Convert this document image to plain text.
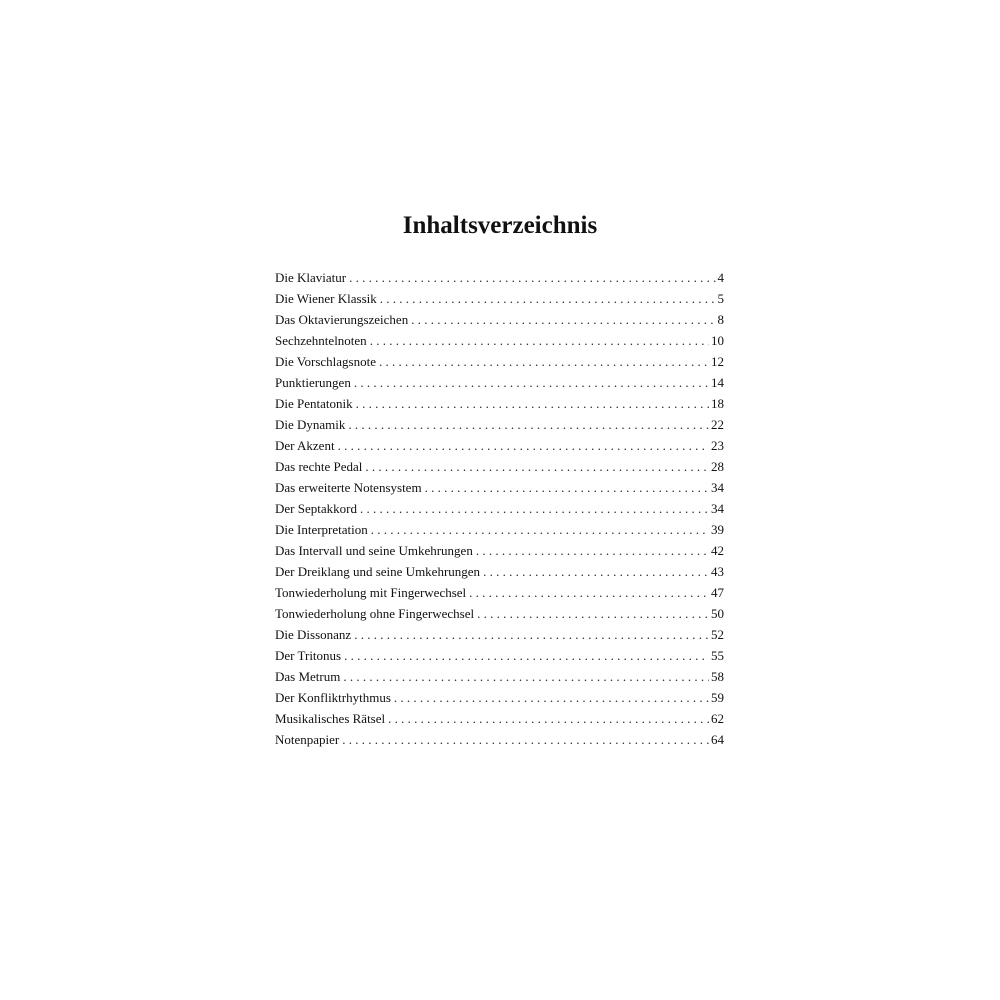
Inhaltsverzeichnis
Die Klaviatur . . .	4
Die Wiener Klassik . . .	5
Das Oktavierungszeichen . . .	8
Sechzehntelnoten . . .	10
Die Vorschlagsnote . . .	12
Punktierungen . . .	14
Die Pentatonik . . .	18
Die Dynamik . . .	22
Der Akzent . . .	23
Das rechte Pedal . . .	28
Das erweiterte Notensystem . . .	34
Der Septakkord . . .	34
Die Interpretation . . .	39
Das Intervall und seine Umkehrungen . . .	42
Der Dreiklang und seine Umkehrungen . . .	43
Tonwiederholung mit Fingerwechsel . . .	47
Tonwiederholung ohne Fingerwechsel . . .	50
Die Dissonanz . . .	52
Der Tritonus . . .	55
Das Metrum . . .	58
Der Konfliktrhythmus . . .	59
Musikalisches Rätsel . . .	62
Notenpapier . . .	64
